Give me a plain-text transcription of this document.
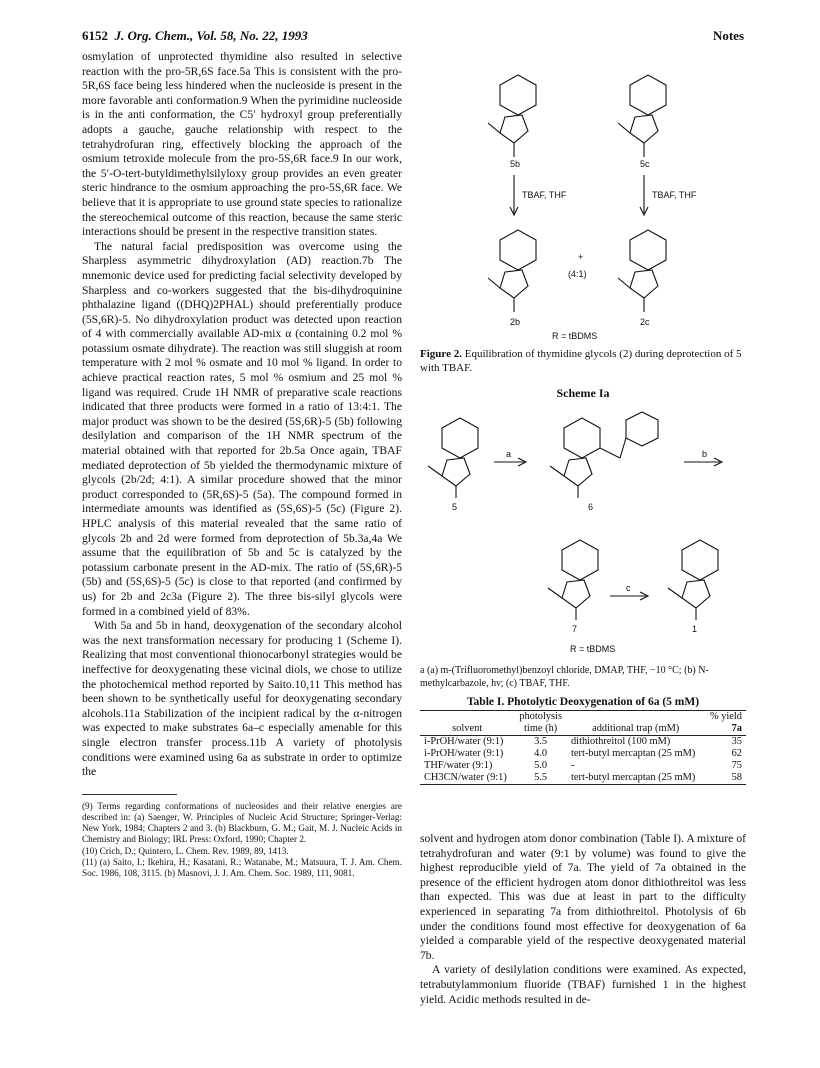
6152 J. Org. Chem., Vol. 58, No. 22, 1993	Notes

osmylation of unprotected thymidine also resulted in selective reaction with the pro-5R,6S face.5a This is consistent with the pro-5R,6S face being less hindered when the nucleoside is present in the more favorable anti conformation.9 When the pyrimidine nucleoside is in the anti conformation, the C5′ hydroxyl group preferentially adopts a gauche, gauche relationship with respect to the tetrahydrofuran ring, effectively blocking the approach of the osmium tetroxide molecule from the pro-5S,6R face.9 In our work, the 5′-O-tert-butyldimethylsilyloxy group provides an even greater steric hindrance to the osmium approaching the pro-5S,6R face. We believe that it is appropriate to use ground state species to rationalize the stereochemical outcome of this reaction, because the same steric interactions should be present in the respective transition states.

The natural facial predisposition was overcome using the Sharpless asymmetric dihydroxylation (AD) reaction.7b The mnemonic device used for predicting facial selectivity developed by Sharpless and co-workers suggested that the bis-dihydroquinine phthalazine ligand ((DHQ)2PHAL) should preferentially produce (5S,6R)-5. No dihydroxylation product was detected upon reaction of 4 with commercially available AD-mix α (containing 0.2 mol % potassium osmate dihydrate). The reaction was still sluggish at room temperature with 2 mol % osmate and 10 mol % ligand. In order to achieve practical reaction rates, 5 mol % osmium and 25 mol % ligand was required. Crude 1H NMR of preparative scale reactions indicated that three products were formed in a ratio of 13:4:1. The major product was shown to be the desired (5S,6R)-5 (5b) following desilylation and comparison of the 1H NMR spectrum of the material obtained with that reported for 2b.5a Once again, TBAF mediated deprotection of 5b yielded the thermodynamic mixture of glycols (2b/2d; 4:1). A similar procedure showed that the minor product corresponded to (5R,6S)-5 (5a). The compound formed in intermediate amounts was identified as (5S,6S)-5 (5c) (Figure 2). HPLC analysis of this material revealed that the same ratio of glycols 2b and 2d were formed from deprotection of 5b.3a,4a We assume that the equilibration of 5b and 5c is catalyzed by the potassium carbonate present in the AD-mix. The ratio of (5S,6R)-5 (5b) and (5S,6S)-5 (5c) is close to that reported (and confirmed by us) for 2b and 2c3a (Figure 2). The three bis-silyl glycols were formed in a combined yield of 83%.

With 5a and 5b in hand, deoxygenation of the secondary alcohol was the next transformation necessary for producing 1 (Scheme I). Realizing that most conventional thionocarbonyl strategies would be ineffective for deoxygenating these vicinal diols, we chose to utilize the photochemical method reported by Saito.10,11 This method has been shown to be synthetically useful for deoxygenating secondary alcohols.11a Stabilization of the incipient radical by the α-nitrogen was expected to make substrates 6a–c especially amenable for this single electron transfer process.11b A variety of photolysis conditions were examined using 6a as substrate in order to optimize the

(9) Terms regarding conformations of nucleosides and their relative energies are described in: (a) Saenger, W. Principles of Nucleic Acid Structure; Springer-Verlag: New York, 1984; Chapters 2 and 3. (b) Blackburn, G. M.; Gait, M. J. Nucleic Acids in Chemistry and Biology; IRL Press: Oxford, 1990; Chapter 2.

(10) Crich, D.; Quintero, L. Chem. Rev. 1989, 89, 1413.

(11) (a) Saito, I.; Ikehira, H.; Kasatani, R.; Watanabe, M.; Matsuura, T. J. Am. Chem. Soc. 1986, 108, 3115. (b) Masnovi, J. J. Am. Chem. Soc. 1989, 111, 9081.

5b	5c
TBAF, THF	TBAF, THF
+
(4:1)
2b	2c
R = tBDMS
Figure 2. Equilibration of thymidine glycols (2) during deprotection of 5 with TBAF.
Scheme Ia
5
a
6
b
c
7	1
R = tBDMS
a (a) m-(Trifluoromethyl)benzoyl chloride, DMAP, THF, −10 °C; (b) N-methylcarbazole, hν; (c) TBAF, THF.
Table I. Photolytic Deoxygenation of 6a (5 mM)
	photolysis		% yield
solvent	time (h)	additional trap (mM)	7a
i-PrOH/water (9:1)	3.5	dithiothreitol (100 mM)	35
i-PrOH/water (9:1)	4.0	tert-butyl mercaptan (25 mM)	62
THF/water (9:1)	5.0	-	75
CH3CN/water (9:1)	5.5	tert-butyl mercaptan (25 mM)	58

solvent and hydrogen atom donor combination (Table I). A mixture of tetrahydrofuran and water (9:1 by volume) was found to give the highest reproducible yield of 7a. The yield of 7a obtained in the presence of the efficient hydrogen atom donor dithiothreitol was less than expected. This was due at least in part to the difficulty experienced in separating 7a from dithiothreitol. Photolysis of 6b under the conditions found most effective for deoxygenation of 6a yielded a comparable yield of the respective deoxygenated material 7b.

A variety of desilylation conditions were examined. As expected, tetrabutylammonium fluoride (TBAF) furnished 1 in the highest yield. Acidic methods resulted in de-
